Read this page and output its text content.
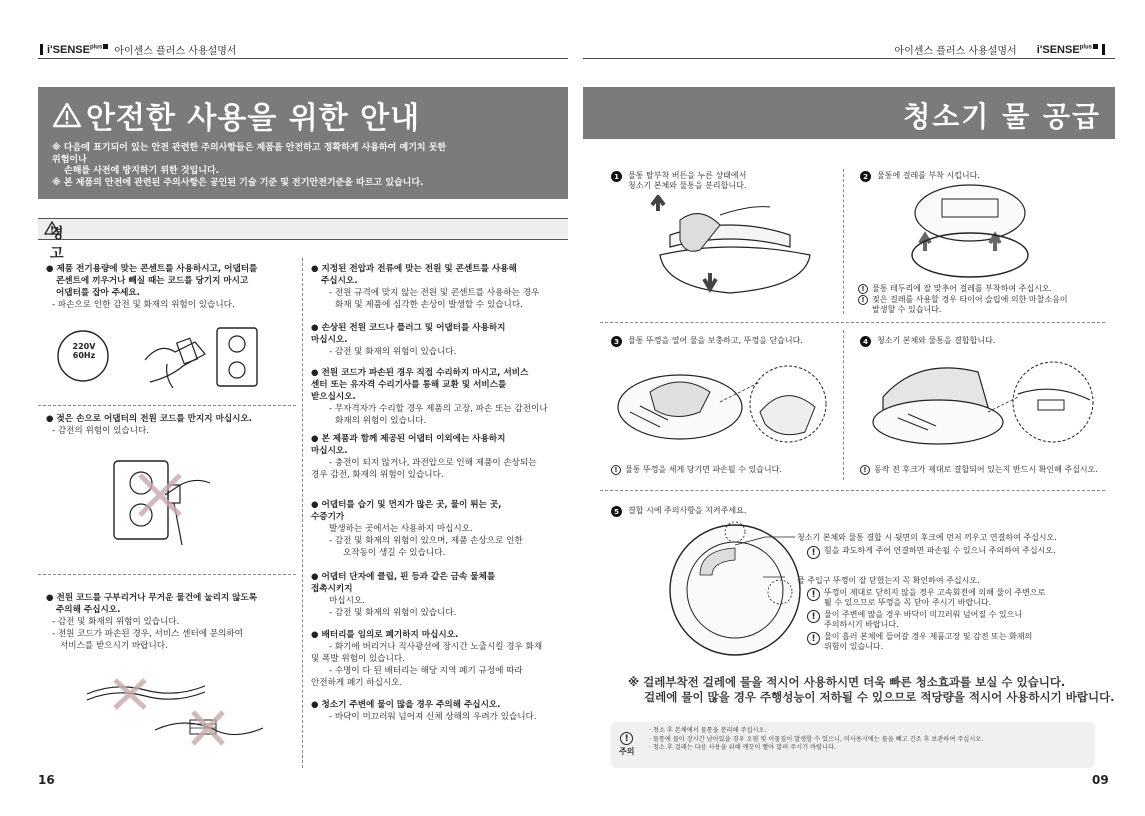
$i'SENSE^{plus}$	아이센스 플러스 사용설명서	아이센스 플러스 사용설명서 $i'SENSE^{plus}$
안전한 사용을 위한 안내
※ 다음에 표기되어 있는 안전 관련한 주의사항들은 제품을 안전하고 정확하게 사용하여 예기치 못한
위험이나
손해를 사전에 방지하기 위한 것입니다.
※ 본 제품의 안전에 관련된 주의사항은 공인된 기술 기준 및 전기안전기준을 따르고 있습니다.
경고
● 제품 전기용량에 맞는 콘센트를 사용하시고, 어댑터를
콘센트에 끼우거나 빼실 때는 코드를 당기지 마시고
어댑터를 잡아 주세요.
- 파손으로 인한 감전 및 화재의 위험이 있습니다.
220V
60Hz
● 젖은 손으로 어댑터의 전원 코드를 만지지 마십시오.
- 감전의 위험이 있습니다.
● 전원 코드를 구부리거나 무거운 물건에 눌리지 않도록
주의해 주십시오.
- 감전 및 화재의 위험이 있습니다.
- 전원 코드가 파손된 경우, 서비스 센터에 문의하여
서비스를 받으시기 바랍니다.
● 지정된 전압과 전류에 맞는 전원 및 콘센트를 사용해
주십시오.
- 전원 규격에 맞지 않는 전원 및 콘센트를 사용하는 경우
화재 및 제품에 심각한 손상이 발생할 수 있습니다.
● 손상된 전원 코드나 플러그 및 어댑터를 사용하지
마십시오.
- 감전 및 화재의 위험이 있습니다.
● 전원 코드가 파손된 경우 직접 수리하지 마시고, 서비스
센터 또는 유자격 수리기사를 통해 교환 및 서비스를
받으십시오.
- 무자격자가 수리할 경우 제품의 고장, 파손 또는 감전이나
화재의 위험이 있습니다.
● 본 제품과 함께 제공된 어댑터 이외에는 사용하지
마십시오.
- 충전이 되지 않거나, 과전압으로 인해 제품이 손상되는
경우 감전, 화재의 위험이 있습니다.
● 어댑터를 습기 및 먼지가 많은 곳, 물이 튀는 곳,
수증기가
발생하는 곳에서는 사용하지 마십시오.
- 감전 및 화재의 위험이 있으며, 제품 손상으로 인한
오작동이 생길 수 있습니다.
● 어댑터 단자에 클립, 핀 등과 같은 금속 물체를
접촉시키지
마십시오.
- 감전 및 화재의 위험이 있습니다.
● 배터리를 임의로 폐기하지 마십시오.
- 화기에 버리거나 직사광선에 장시간 노출시킬 경우 화재
및 폭발 위험이 있습니다.
- 수명이 다 된 배터리는 해당 지역 폐기 규정에 따라
안전하게 폐기 하십시오.
● 청소기 주변에 물이 많을 경우 주의해 주십시오.
- 바닥이 미끄러워 넘어져 신체 상해의 우려가 있습니다.
16
청소기 물 공급
1	물통 탈부착 버튼을 누른 상태에서
청소기 본체와 물통을 분리합니다.
2	물통에 걸레를 부착 시킵니다.
! 물통 테두리에 잘 맞추어 걸레를 부착하여 주십시오.
! 젖은 걸레를 사용할 경우 타이어 슬립에 의한 마찰소음이
발생할 수 있습니다.
3	물통 뚜껑을 열어 물을 보충하고, 뚜껑을 닫습니다.
! 물통 뚜껑을 세게 당기면 파손될 수 있습니다.
4	청소기 본체와 물통을 결합합니다.
! 동작 전 후크가 제대로 결합되어 있는지 반드시 확인해 주십시오.
5	결합 시에 주의사항을 지켜주세요.
청소기 본체와 물통 결합 시 뒷면의 후크에 먼저 끼우고 연결하여 주십시오.
!	힘을 과도하게 주어 연결하면 파손될 수 있으니 주의하여 주십시오.
물 주입구 뚜껑이 잘 닫혔는지 꼭 확인하여 주십시오.
!	뚜껑이 제대로 닫히지 않을 경우 고속회전에 의해 물이 주변으로
튈 수 있으므로 뚜껑을 꼭 닫아 주시기 바랍니다.
!	물이 주변에 많을 경우 바닥이 미끄러워 넘어질 수 있으니
주의하시기 바랍니다.
!	물이 흘러 본체에 들어갈 경우 제품고장 및 감전 또는 화재의
위험이 있습니다.
※ 걸레부착전 걸레에 물을 적시어 사용하시면 더욱 빠른 청소효과를 보실 수 있습니다.
걸레에 물이 많을 경우 주행성능이 저하될 수 있으므로 적당량을 적시어 사용하시기 바랍니다.
!
주의
· 청소 후 본체에서 물통을 분리해 주십시오.
· 물통에 물이 장시간 남아있을 경우 오염 및 이물질이 발생할 수 있으니, 미사용시에는 물을 빼고 건조 후 보관하여 주십시오.
· 청소 후 걸레는 다음 사용을 위해 깨끗이 빨아 말려 주시기 바랍니다.
09
